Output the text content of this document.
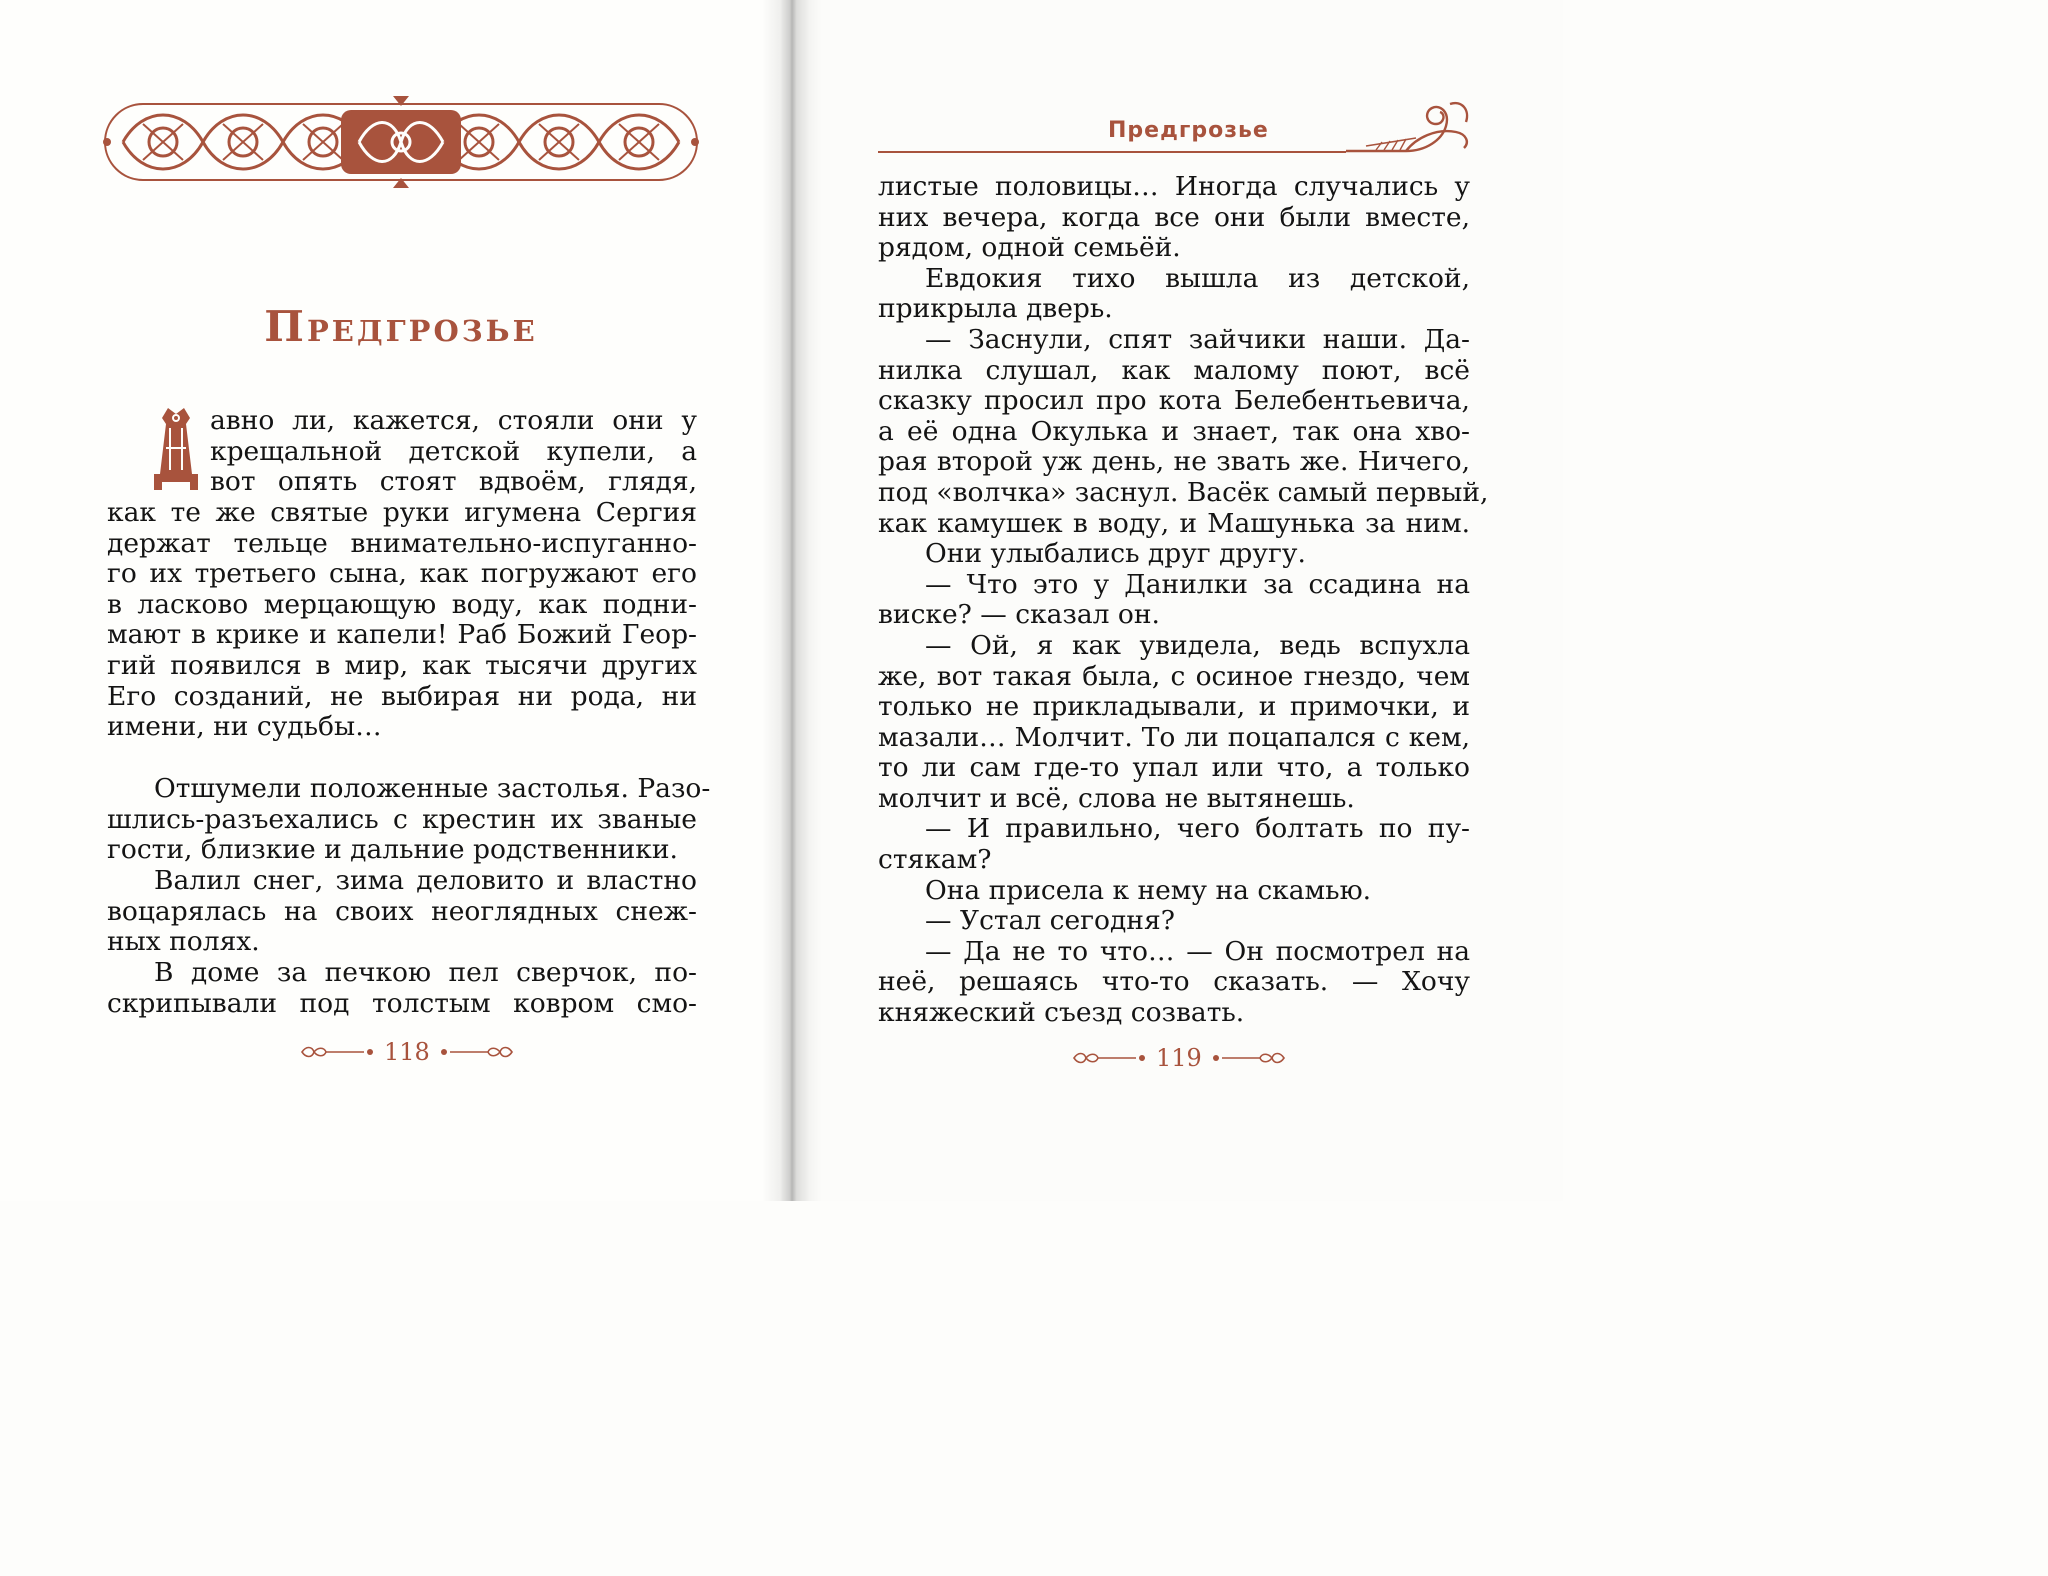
Предгрозье
авно ли, кажется, стояли они у
крещальной детской купели, а
вот опять стоят вдвоём, глядя,
как те же святые руки игумена Сергия
держат тельце внимательно-испуганно-
го их третьего сына, как погружают его
в ласково мерцающую воду, как подни-
мают в крике и капели! Раб Божий Геор-
гий появился в мир, как тысячи других
Его созданий, не выбирая ни рода, ни
имени, ни судьбы…
Отшумели положенные застолья. Разо-
шлись-разъехались с крестин их званые
гости, близкие и дальние родственники.
Валил снег, зима деловито и властно
воцарялась на своих неоглядных снеж-
ных полях.
В доме за печкою пел сверчок, по-
скрипывали под толстым ковром смо-
118
Предгрозье
листые половицы… Иногда случались у
них вечера, когда все они были вместе,
рядом, одной семьёй.
Евдокия тихо вышла из детской,
прикрыла дверь.
— Заснули, спят зайчики наши. Да-
нилка слушал, как малому поют, всё
сказку просил про кота Белебентьевича,
а её одна Окулька и знает, так она хво-
рая второй уж день, не звать же. Ничего,
под «волчка» заснул. Васёк самый первый,
как камушек в воду, и Машунька за ним.
Они улыбались друг другу.
— Что это у Данилки за ссадина на
виске? — сказал он.
— Ой, я как увидела, ведь вспухла
же, вот такая была, с осиное гнездо, чем
только не прикладывали, и примочки, и
мазали… Молчит. То ли поцапался с кем,
то ли сам где-то упал или что, а только
молчит и всё, слова не вытянешь.
— И правильно, чего болтать по пу-
стякам?
Она присела к нему на скамью.
— Устал сегодня?
— Да не то что… — Он посмотрел на
неё, решаясь что-то сказать. — Хочу
княжеский съезд созвать.
119
